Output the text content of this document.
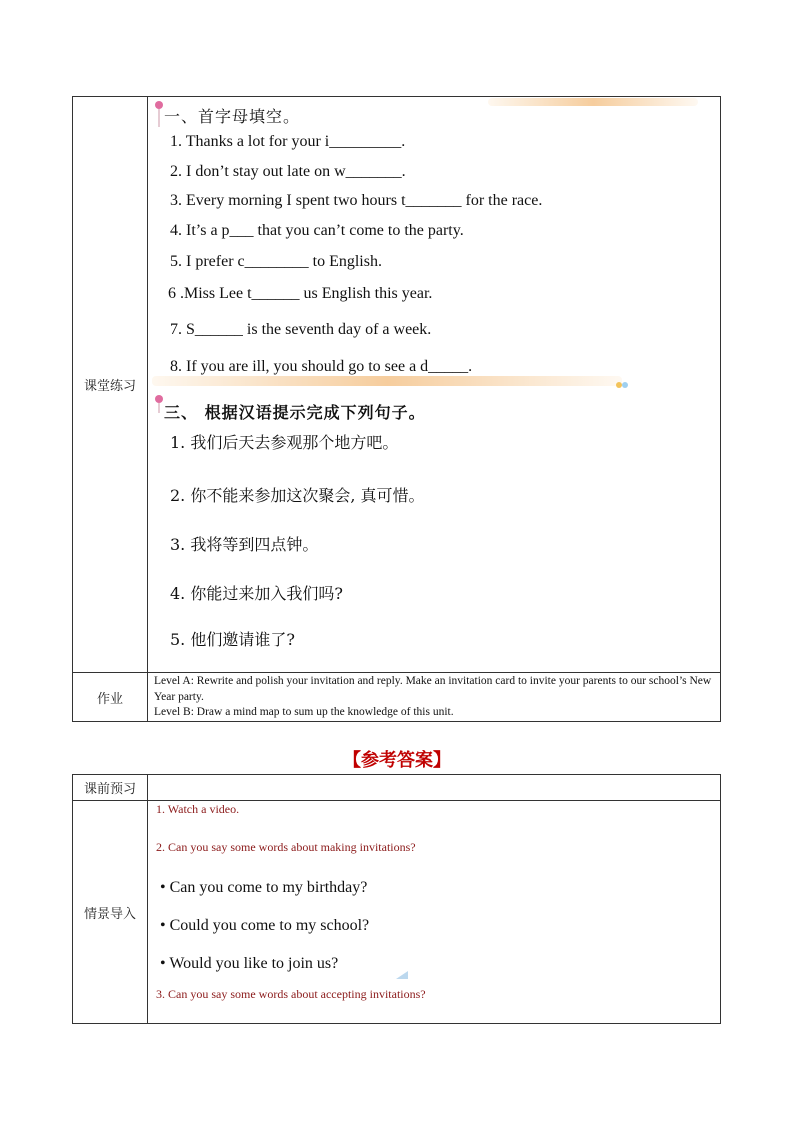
课堂练习
一、首字母填空。
1. Thanks a lot for your i_________.
2. I don’t stay out late on w_______.
3. Every morning I spent two hours t_______ for the race.
4. It’s a p___ that you can’t come to the party.
5. I prefer c________ to English.
6 .Miss Lee t______ us English this year.
7. S______ is the seventh day of a week.
8. If you are ill, you should go to see a d_____.
三、 根据汉语提示完成下列句子。
1. 我们后天去参观那个地方吧。
2. 你不能来参加这次聚会, 真可惜。
3. 我将等到四点钟。
4. 你能过来加入我们吗?
5. 他们邀请谁了?
作业
Level A: Rewrite and polish your invitation and reply. Make an invitation card to invite your parents to our school’s New Year party.
Level B: Draw a mind map to sum up the knowledge of this unit.
【参考答案】
课前预习
情景导入
1. Watch a video.
2. Can you say some words about making invitations?
• Can you come to my birthday?
• Could you come to my school?
• Would you like to join us?
3. Can you say some words about accepting invitations?
